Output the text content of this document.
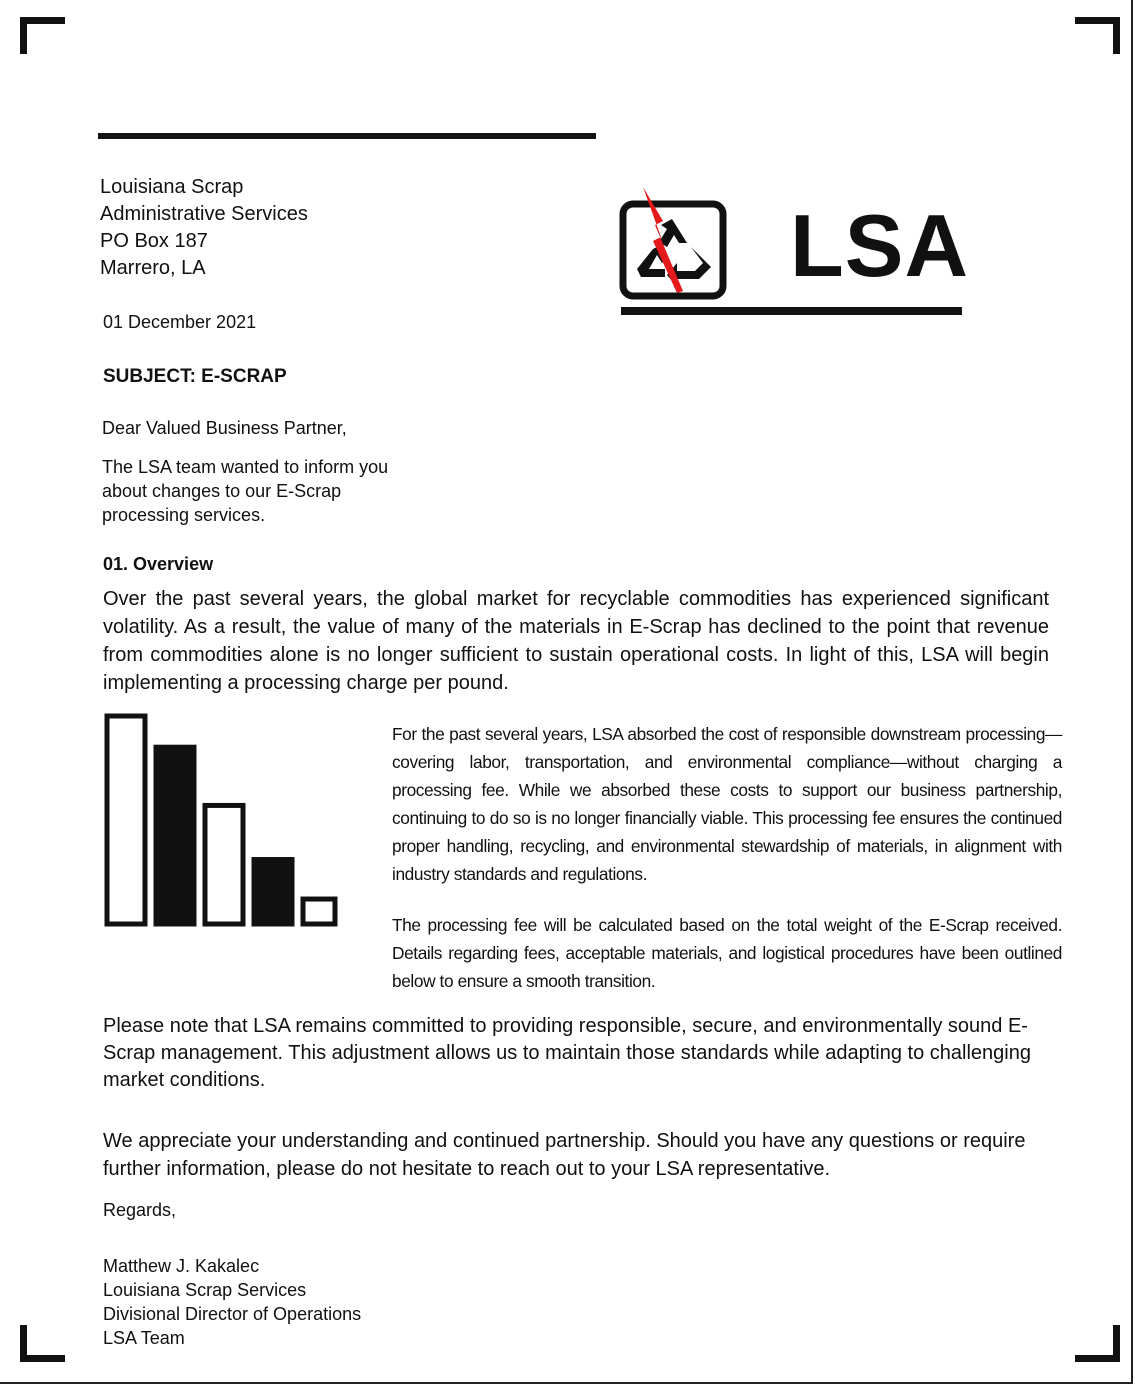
Louisiana Scrap
Administrative Services
PO Box 187
Marrero, LA	LSA
01 December 2021
SUBJECT: E-SCRAP
Dear Valued Business Partner,
The LSA team wanted to inform you about changes to our E-Scrap processing services.
01. Overview
Over the past several years, the global market for recyclable commodities has experienced significant volatility. As a result, the value of many of the materials in E-Scrap has declined to the point that revenue from commodities alone is no longer sufficient to sustain operational costs. In light of this, LSA will begin implementing a processing charge per pound.
For the past several years, LSA absorbed the cost of responsible downstream processing—covering labor, transportation, and environmental compliance—without charging a processing fee. While we absorbed these costs to support our business partnership, continuing to do so is no longer financially viable. This processing fee ensures the continued proper handling, recycling, and environmental stewardship of materials, in alignment with industry standards and regulations.
The processing fee will be calculated based on the total weight of the E-Scrap received. Details regarding fees, acceptable materials, and logistical procedures have been outlined below to ensure a smooth transition.
Please note that LSA remains committed to providing responsible, secure, and environmentally sound E-Scrap management. This adjustment allows us to maintain those standards while adapting to challenging market conditions.
We appreciate your understanding and continued partnership. Should you have any questions or require further information, please do not hesitate to reach out to your LSA representative.
Regards,
Matthew J. Kakalec
Louisiana Scrap Services
Divisional Director of Operations
LSA Team
